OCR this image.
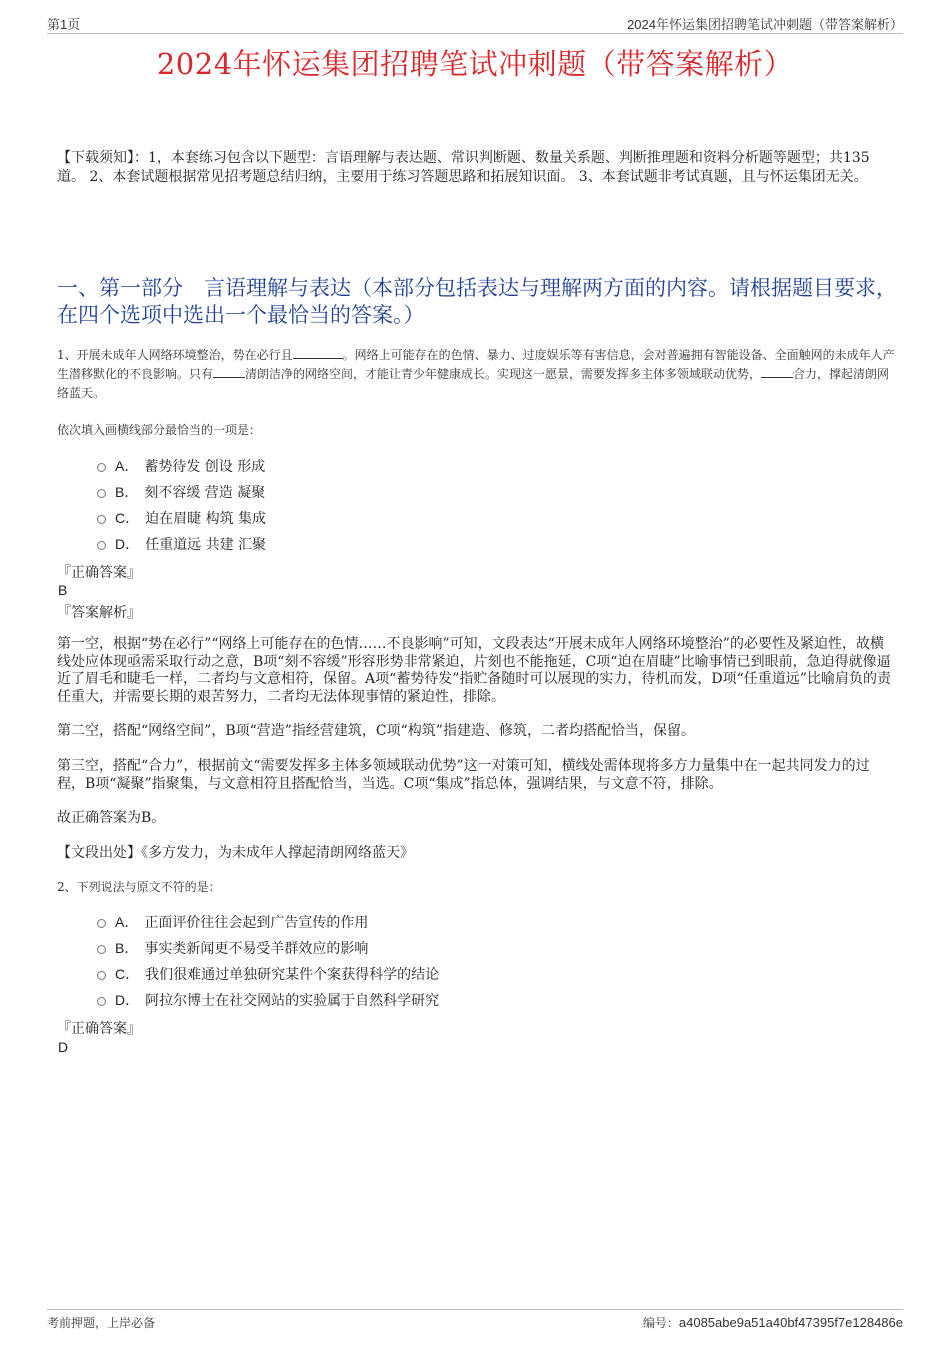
第1页	2024年怀运集团招聘笔试冲刺题（带答案解析）
2024年怀运集团招聘笔试冲刺题（带答案解析）
【下载须知】：1，本套练习包含以下题型：言语理解与表达题、常识判断题、数量关系题、判断推理题和资料分析题等题型；共135道。 2、本套试题根据常见招考题总结归纳，主要用于练习答题思路和拓展知识面。 3、本套试题非考试真题，且与怀运集团无关。
一、第一部分　言语理解与表达（本部分包括表达与理解两方面的内容。请根据题目要求，在四个选项中选出一个最恰当的答案。）
1、开展未成年人网络环境整治，势在必行且	。网络上可能存在的色情、暴力、过度娱乐等有害信息，会对普遍拥有智能设备、全面触网的未成年人产生潜移默化的不良影响。只有	清朗洁净的网络空间，才能让青少年健康成长。实现这一愿景，需要发挥多主体多领域联动优势，	合力，撑起清朗网络蓝天。
依次填入画横线部分最恰当的一项是：
A． 蓄势待发 创设 形成
B． 刻不容缓 营造 凝聚
C． 迫在眉睫 构筑 集成
D． 任重道远 共建 汇聚
『正确答案』
B
『答案解析』

第一空，根据“势在必行”“网络上可能存在的色情……不良影响”可知，文段表达“开展未成年人网络环境整治”的必要性及紧迫性，故横线处应体现亟需采取行动之意，B项“刻不容缓”形容形势非常紧迫，片刻也不能拖延，C项“迫在眉睫”比喻事情已到眼前，急迫得就像逼近了眉毛和睫毛一样，二者均与文意相符，保留。A项“蓄势待发”指贮备随时可以展现的实力，待机而发，D项“任重道远”比喻肩负的责任重大，并需要长期的艰苦努力，二者均无法体现事情的紧迫性，排除。

第二空，搭配“网络空间”，B项“营造”指经营建筑，C项“构筑”指建造、修筑，二者均搭配恰当，保留。

第三空，搭配“合力”，根据前文“需要发挥多主体多领域联动优势”这一对策可知，横线处需体现将多方力量集中在一起共同发力的过程，B项“凝聚”指聚集，与文意相符且搭配恰当，当选。C项“集成”指总体，强调结果，与文意不符，排除。

故正确答案为B。

【文段出处】《多方发力，为未成年人撑起清朗网络蓝天》

2、下列说法与原文不符的是：
A． 正面评价往往会起到广告宣传的作用
B． 事实类新闻更不易受羊群效应的影响
C． 我们很难通过单独研究某件个案获得科学的结论
D． 阿拉尔博士在社交网站的实验属于自然科学研究
『正确答案』
D
考前押题，上岸必备	编号：a4085abe9a51a40bf47395f7e128486e
